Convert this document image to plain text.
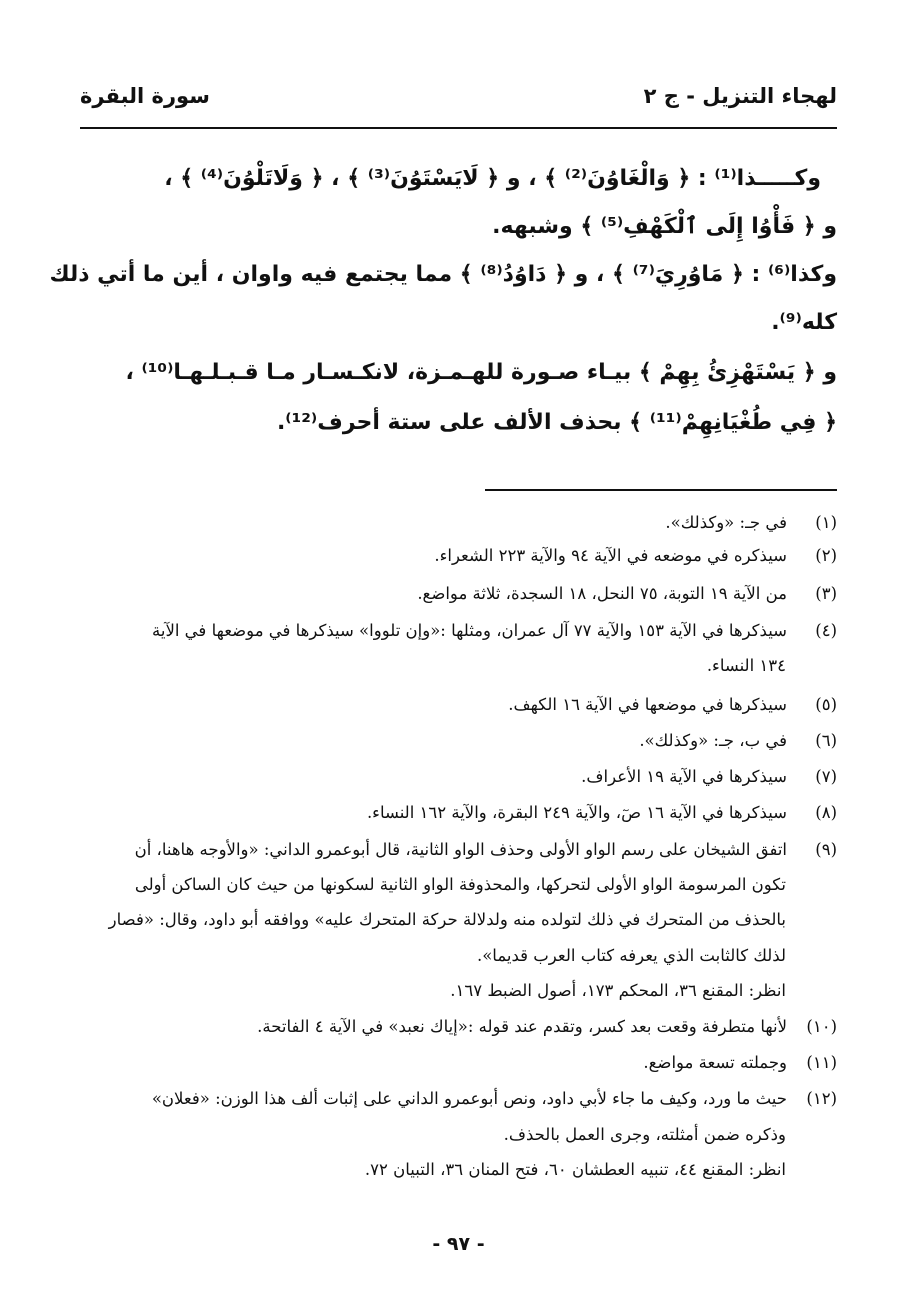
لهجاء التنزيل - ج ٢
سورة البقرة
وكـــــذا⁽¹⁾ : ﴿ وَالْغَاوُنَ⁽²⁾ ﴾ ، و ﴿ لَايَسْتَوُنَ⁽³⁾ ﴾ ، ﴿ وَلَاتَلْوُنَ⁽⁴⁾ ﴾ ،
و ﴿ فَأْوُا إِلَى ٱلْكَهْفِ⁽⁵⁾ ﴾ وشبهه.
وكذا⁽⁶⁾ : ﴿ مَاوُرِيَ⁽⁷⁾ ﴾ ، و ﴿ دَاوُدُ⁽⁸⁾ ﴾ مما يجتمع فيه واوان ، أين ما أتي ذلك
كله⁽⁹⁾.
و ﴿ يَسْتَهْزِئُ بِهِمْ ﴾ بيـاء صـورة للهـمـزة، لانكـسـار مـا قـبـلـهـا⁽¹⁰⁾ ،
﴿ فِي طُغْيَانِهِمْ⁽¹¹⁾ ﴾ بحذف الألف على ستة أحرف⁽¹²⁾.
(١)في جـ: «وكذلك».
(٢)سيذكره في موضعه في الآية ٩٤ والآية ٢٢٣ الشعراء.
(٣)من الآية ١٩ التوبة، ٧٥ النحل، ١٨ السجدة، ثلاثة مواضع.
(٤)سيذكرها في الآية ١٥٣ والآية ٧٧ آل عمران، ومثلها :«وإن تلووا» سيذكرها في موضعها في الآية
١٣٤ النساء.
(٥)سيذكرها في موضعها في الآية ١٦ الكهف.
(٦)في ب، جـ: «وكذلك».
(٧)سيذكرها في الآية ١٩ الأعراف.
(٨)سيذكرها في الآية ١٦ صٓ، والآية ٢٤٩ البقرة، والآية ١٦٢ النساء.
(٩)اتفق الشيخان على رسم الواو الأولى وحذف الواو الثانية، قال أبوعمرو الداني: «والأوجه هاهنا، أن
تكون المرسومة الواو الأولى لتحركها، والمحذوفة الواو الثانية لسكونها من حيث كان الساكن أولى
بالحذف من المتحرك في ذلك لتولده منه ولدلالة حركة المتحرك عليه» ووافقه أبو داود، وقال: «فصار
لذلك كالثابت الذي يعرفه كتاب العرب قديما».
انظر: المقنع ٣٦، المحكم ١٧٣، أصول الضبط ١٦٧.
(١٠)لأنها متطرفة وقعت بعد كسر، وتقدم عند قوله :«إياك نعبد» في الآية ٤ الفاتحة.
(١١)وجملته تسعة مواضع.
(١٢)حيث ما ورد، وكيف ما جاء لأبي داود، ونص أبوعمرو الداني على إثبات ألف هذا الوزن: «فعلان»
وذكره ضمن أمثلته، وجرى العمل بالحذف.
انظر: المقنع ٤٤، تنبيه العطشان ٦٠، فتح المنان ٣٦، التبيان ٧٢.
- ٩٧ -
